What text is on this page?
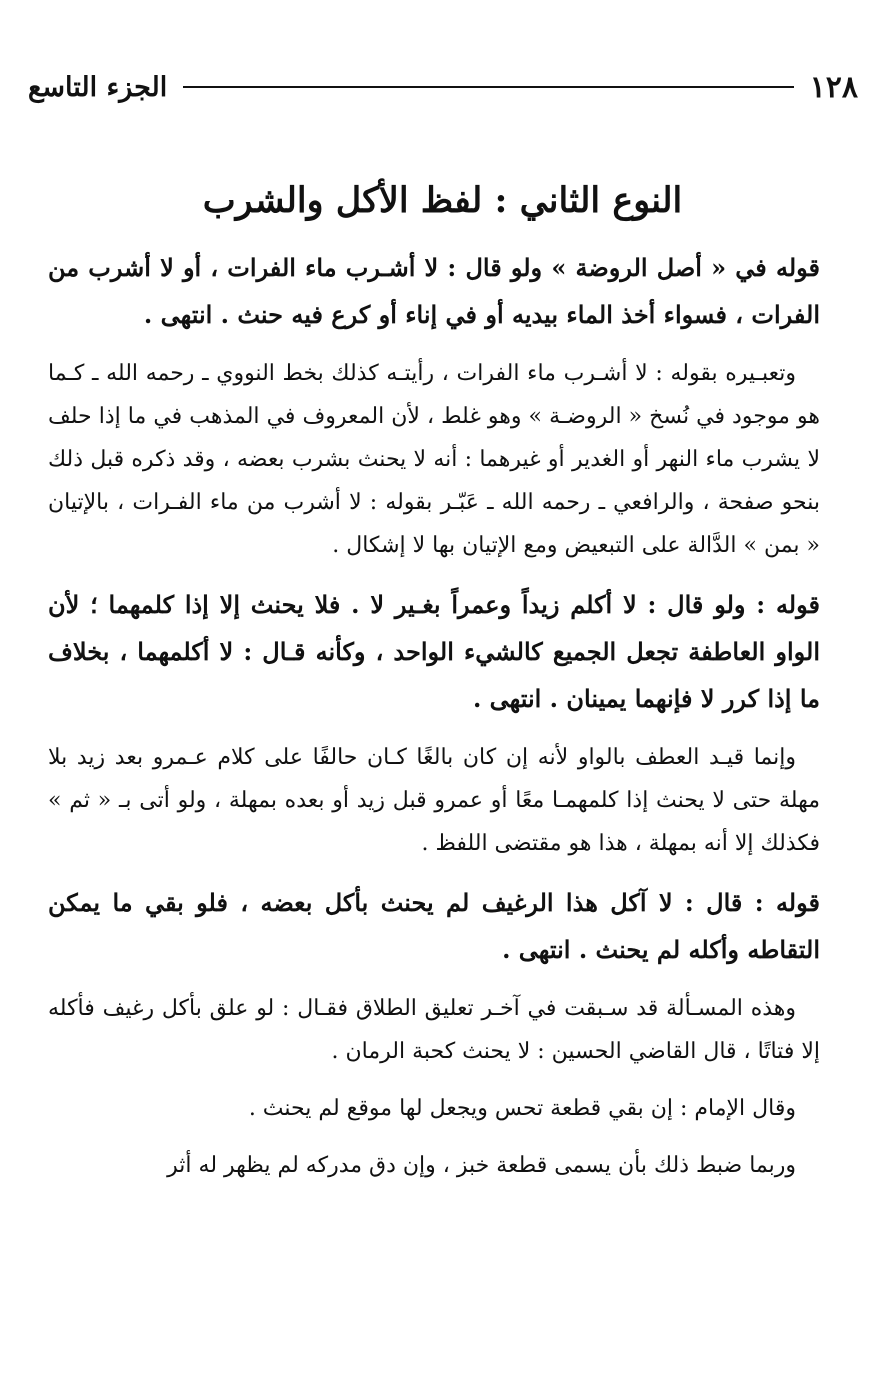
الجزء التاسع	١٢٨
النوع الثاني : لفظ الأكل والشرب

قوله في « أصل الروضة » ولو قال : لا أشـرب ماء الفرات ، أو لا أشرب من الفرات ، فسواء أخذ الماء بيديه أو في إناء أو كرع فيه حنث . انتهى .

وتعبـيره بقوله : لا أشـرب ماء الفرات ، رأيتـه كذلك بخط النووي ـ رحمه الله ـ كـما هو موجود في نُسخ « الروضـة » وهو غلط ، لأن المعروف في المذهب في ما إذا حلف لا يشرب ماء النهر أو الغدير أو غيرهما : أنه لا يحنث بشرب بعضه ، وقد ذكره قبل ذلك بنحو صفحة ، والرافعي ـ رحمه الله ـ عَبّـر بقوله : لا أشرب من ماء الفـرات ، بالإتيان « بمن » الدَّالة على التبعيض ومع الإتيان بها لا إشكال .

قوله : ولو قال : لا أكلم زيداً وعمراً بغـير لا . فلا يحنث إلا إذا كلمهما ؛ لأن الواو العاطفة تجعل الجميع كالشيء الواحد ، وكأنه قـال : لا أكلمهما ، بخلاف ما إذا كرر لا فإنهما يمينان . انتهى .

وإنما قيـد العطف بالواو لأنه إن كان بالغًا كـان حالفًا على كلام عـمرو بعد زيد بلا مهلة حتى لا يحنث إذا كلمهمـا معًا أو عمرو قبل زيد أو بعده بمهلة ، ولو أتى بـ « ثم » فكذلك إلا أنه بمهلة ، هذا هو مقتضى اللفظ .

قوله : قال : لا آكل هذا الرغيف لم يحنث بأكل بعضه ، فلو بقي ما يمكن التقاطه وأكله لم يحنث . انتهى .

وهذه المسـألة قد سـبقت في آخـر تعليق الطلاق فقـال : لو علق بأكل رغيف فأكله إلا فتاتًا ، قال القاضي الحسين : لا يحنث كحبة الرمان .

وقال الإمام : إن بقي قطعة تحس ويجعل لها موقع لم يحنث .

وربما ضبط ذلك بأن يسمى قطعة خبز ، وإن دق مدركه لم يظهر له أثر
